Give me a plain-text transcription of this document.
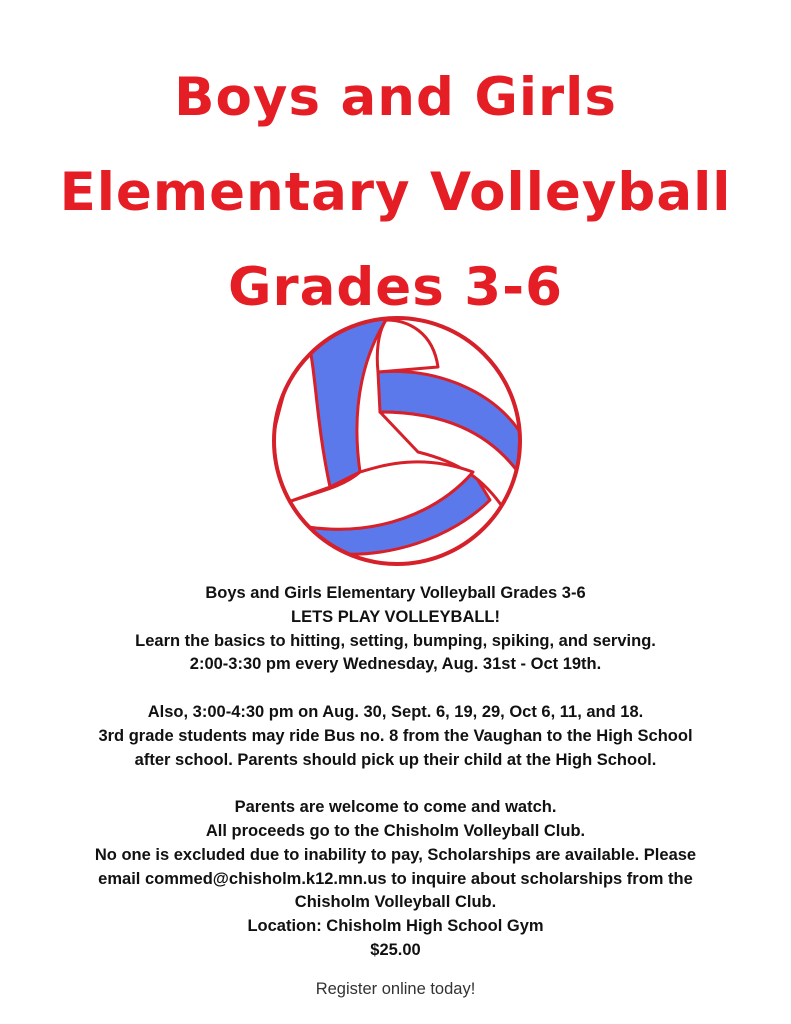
Boys and Girls
Elementary Volleyball
Grades 3-6
Boys and Girls Elementary Volleyball Grades 3-6
LETS PLAY VOLLEYBALL!
Learn the basics to hitting, setting, bumping, spiking, and serving.
2:00-3:30 pm every Wednesday, Aug. 31st - Oct 19th.
Also, 3:00-4:30 pm on Aug. 30, Sept. 6, 19, 29, Oct 6, 11, and 18.
3rd grade students may ride Bus no. 8 from the Vaughan to the High School
after school. Parents should pick up their child at the High School.
Parents are welcome to come and watch.
All proceeds go to the Chisholm Volleyball Club.
No one is excluded due to inability to pay, Scholarships are available. Please
email commed@chisholm.k12.mn.us to inquire about scholarships from the
Chisholm Volleyball Club.
Location: Chisholm High School Gym
$25.00
Register online today!
